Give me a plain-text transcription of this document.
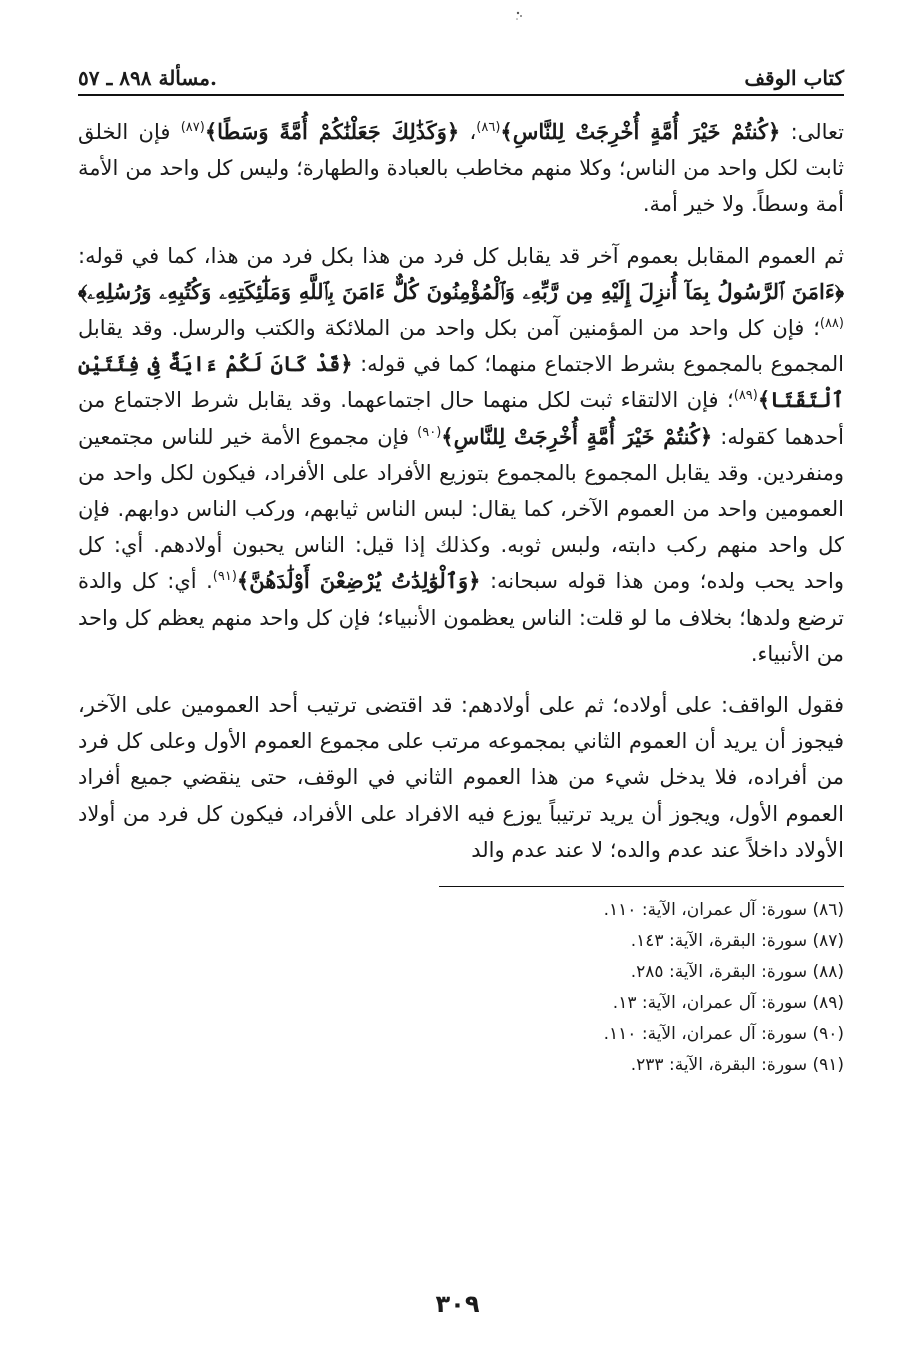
كتاب الوقف
.مسألة ٨٩٨ ـ ٥٧

تعالى: ﴿كُنتُمْ خَيْرَ أُمَّةٍ أُخْرِجَتْ لِلنَّاسِ﴾$^{(٨٦)}$، ﴿وَكَذَٰلِكَ جَعَلْنَٰكُمْ أُمَّةً وَسَطًا﴾$^{(٨٧)}$ فإن الخلق ثابت لكل واحد من الناس؛ وكلا منهم مخاطب بالعبادة والطهارة؛ وليس كل واحد من الأمة أمة وسطاً. ولا خير أمة.

ثم العموم المقابل بعموم آخر قد يقابل كل فرد من هذا بكل فرد من هذا، كما في قوله: ﴿ءَامَنَ ٱلرَّسُولُ بِمَآ أُنزِلَ إِلَيْهِ مِن رَّبِّهِۦ وَٱلْمُؤْمِنُونَ كُلٌّ ءَامَنَ بِٱللَّهِ وَمَلَٰٓئِكَتِهِۦ وَكُتُبِهِۦ وَرُسُلِهِۦ﴾$^{(٨٨)}$؛ فإن كل واحد من المؤمنين آمن بكل واحد من الملائكة والكتب والرسل. وقد يقابل المجموع بالمجموع بشرط الاجتماع منهما؛ كما في قوله: ﴿قَدْ كَانَ لَكُمْ ءَايَةٌ فِى فِئَتَيْنِ ٱلْتَقَتَا﴾$^{(٨٩)}$؛ فإن الالتقاء ثبت لكل منهما حال اجتماعهما. وقد يقابل شرط الاجتماع من أحدهما كقوله: ﴿كُنتُمْ خَيْرَ أُمَّةٍ أُخْرِجَتْ لِلنَّاسِ﴾$^{(٩٠)}$ فإن مجموع الأمة خير للناس مجتمعين ومنفردين. وقد يقابل المجموع بالمجموع بتوزيع الأفراد على الأفراد، فيكون لكل واحد من العمومين واحد من العموم الآخر، كما يقال: لبس الناس ثيابهم، وركب الناس دوابهم. فإن كل واحد منهم ركب دابته، ولبس ثوبه. وكذلك إذا قيل: الناس يحبون أولادهم. أي: كل واحد يحب ولده؛ ومن هذا قوله سبحانه: ﴿وَٱلْوَٰلِدَٰتُ يُرْضِعْنَ أَوْلَٰدَهُنَّ﴾$^{(٩١)}$. أي: كل والدة ترضع ولدها؛ بخلاف ما لو قلت: الناس يعظمون الأنبياء؛ فإن كل واحد منهم يعظم كل واحد من الأنبياء.

فقول الواقف: على أولاده؛ ثم على أولادهم: قد اقتضى ترتيب أحد العمومين على الآخر، فيجوز أن يريد أن العموم الثاني بمجموعه مرتب على مجموع العموم الأول وعلى كل فرد من أفراده، فلا يدخل شيء من هذا العموم الثاني في الوقف، حتى ينقضي جميع أفراد العموم الأول، ويجوز أن يريد ترتيباً يوزع فيه الافراد على الأفراد، فيكون كل فرد من أولاد الأولاد داخلاً عند عدم والده؛ لا عند عدم والد

(٨٦) سورة: آل عمران، الآية: ١١٠.
(٨٧) سورة: البقرة، الآية: ١٤٣.
(٨٨) سورة: البقرة، الآية: ٢٨٥.
(٨٩) سورة: آل عمران، الآية: ١٣.
(٩٠) سورة: آل عمران، الآية: ١١٠.
(٩١) سورة: البقرة، الآية: ٢٣٣.
٣٠٩
